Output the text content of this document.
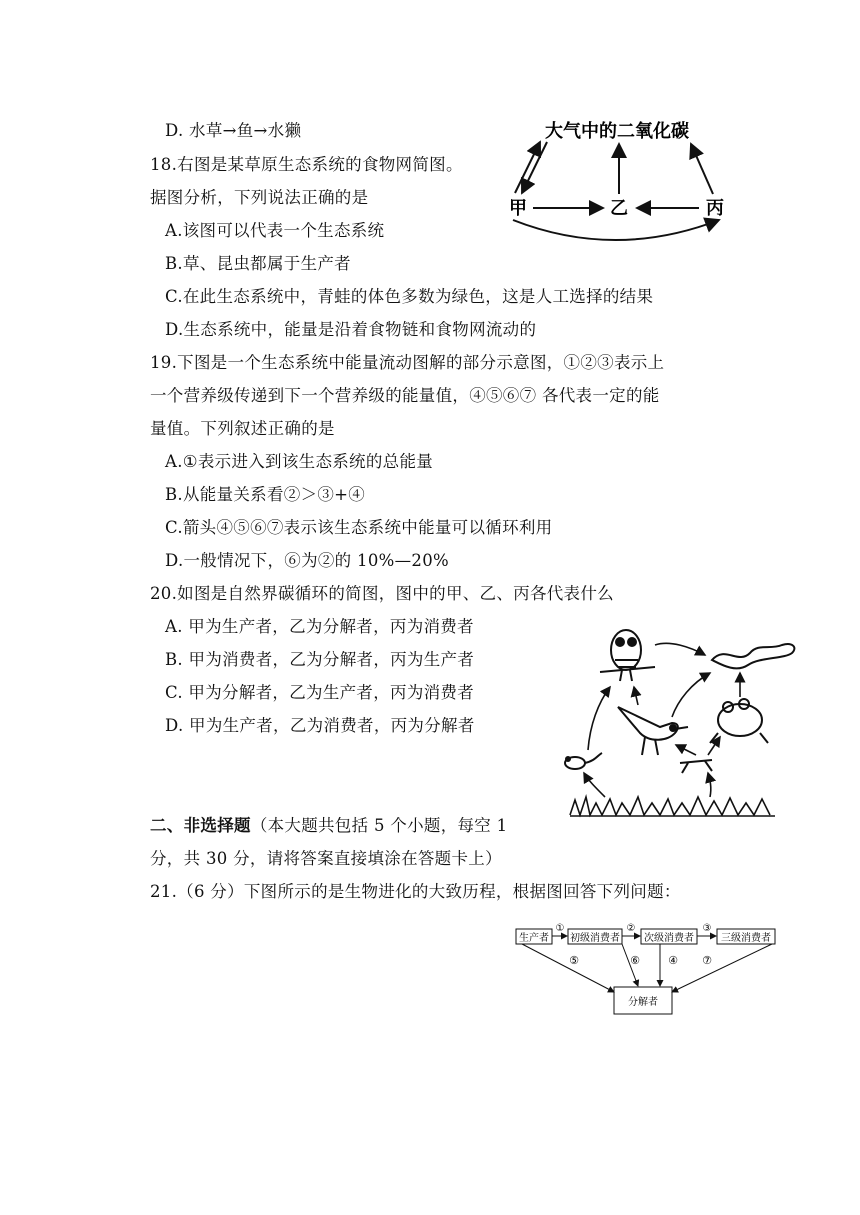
D. 水草→鱼→水獭
18.右图是某草原生态系统的食物网简图。
据图分析，下列说法正确的是
A.该图可以代表一个生态系统
B.草、昆虫都属于生产者
C.在此生态系统中，青蛙的体色多数为绿色，这是人工选择的结果
D.生态系统中，能量是沿着食物链和食物网流动的
19.下图是一个生态系统中能量流动图解的部分示意图，①②③表示上
一个营养级传递到下一个营养级的能量值，④⑤⑥⑦ 各代表一定的能
量值。下列叙述正确的是
A.①表示进入到该生态系统的总能量
B.从能量关系看②＞③+④
C.箭头④⑤⑥⑦表示该生态系统中能量可以循环利用
D.一般情况下，⑥为②的 10%—20%
20.如图是自然界碳循环的简图，图中的甲、乙、丙各代表什么
A. 甲为生产者，乙为分解者，丙为消费者
B. 甲为消费者，乙为分解者，丙为生产者
C. 甲为分解者，乙为生产者，丙为消费者
D. 甲为生产者，乙为消费者，丙为分解者
二、非选择题（本大题共包括 5 个小题，每空 1
分，共 30 分，请将答案直接填涂在答题卡上）
21.（6 分）下图所示的是生物进化的大致历程，根据图回答下列问题：
大气中的二氧化碳
甲	乙	丙
生产者 初级消费者 次级消费者	三级消费者
分解者
①	②	③
⑤	⑥	④ ⑦
